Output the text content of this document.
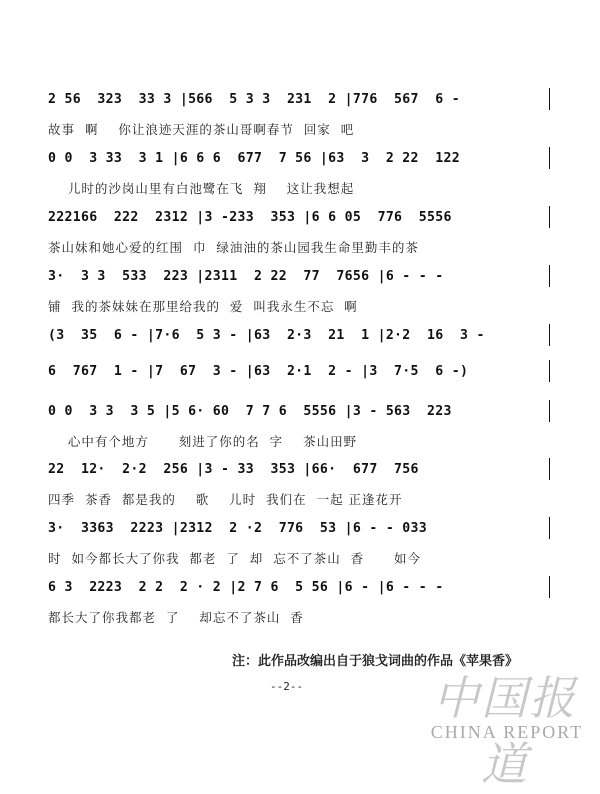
2 56  323  33 3 |566  5 3 3  231  2 |776  567  6 -
故事  啊    你让浪迹天涯的茶山哥啊春节  回家  吧
0 0  3 33  3 1 |6 6 6  677  7 56 |63  3  2 22  122
儿时的沙岗山里有白池鹭在飞  翔    这让我想起
222166  222  2312 |3 -233  353 |6 6 05  776  5556
茶山妹和她心爱的红围  巾  绿油油的茶山园我生命里勤丰的茶
3·  3 3  533  223 |2311  2 22  77  7656 |6 - - -
铺  我的茶妹妹在那里给我的  爱  叫我永生不忘  啊
(3  35  6 - |7·6  5 3 - |63  2·3  21  1 |2·2  16  3 -
6  767  1 - |7  67  3 - |63  2·1  2 - |3  7·5  6 -)
0 0  3 3  3 5 |5 6· 60  7 7 6  5556 |3 - 563  223
心中有个地方      刻进了你的名  字    茶山田野
22  12·  2·2  256 |3 - 33  353 |66·  677  756
四季  茶香  都是我的    歌    儿时  我们在  一起 正逢花开
3·  3363  2223 |2312  2 ·2  776  53 |6 - - 033
时  如今都长大了你我  都老  了  却  忘不了茶山  香      如今
6 3  2223  2 2  2 · 2 |2 7 6  5 56 |6 - |6 - - -
都长大了你我都老  了    却忘不了茶山  香
注：此作品改编出自于狼戈词曲的作品《苹果香》
--2--	中国报道
CHINA REPORT
